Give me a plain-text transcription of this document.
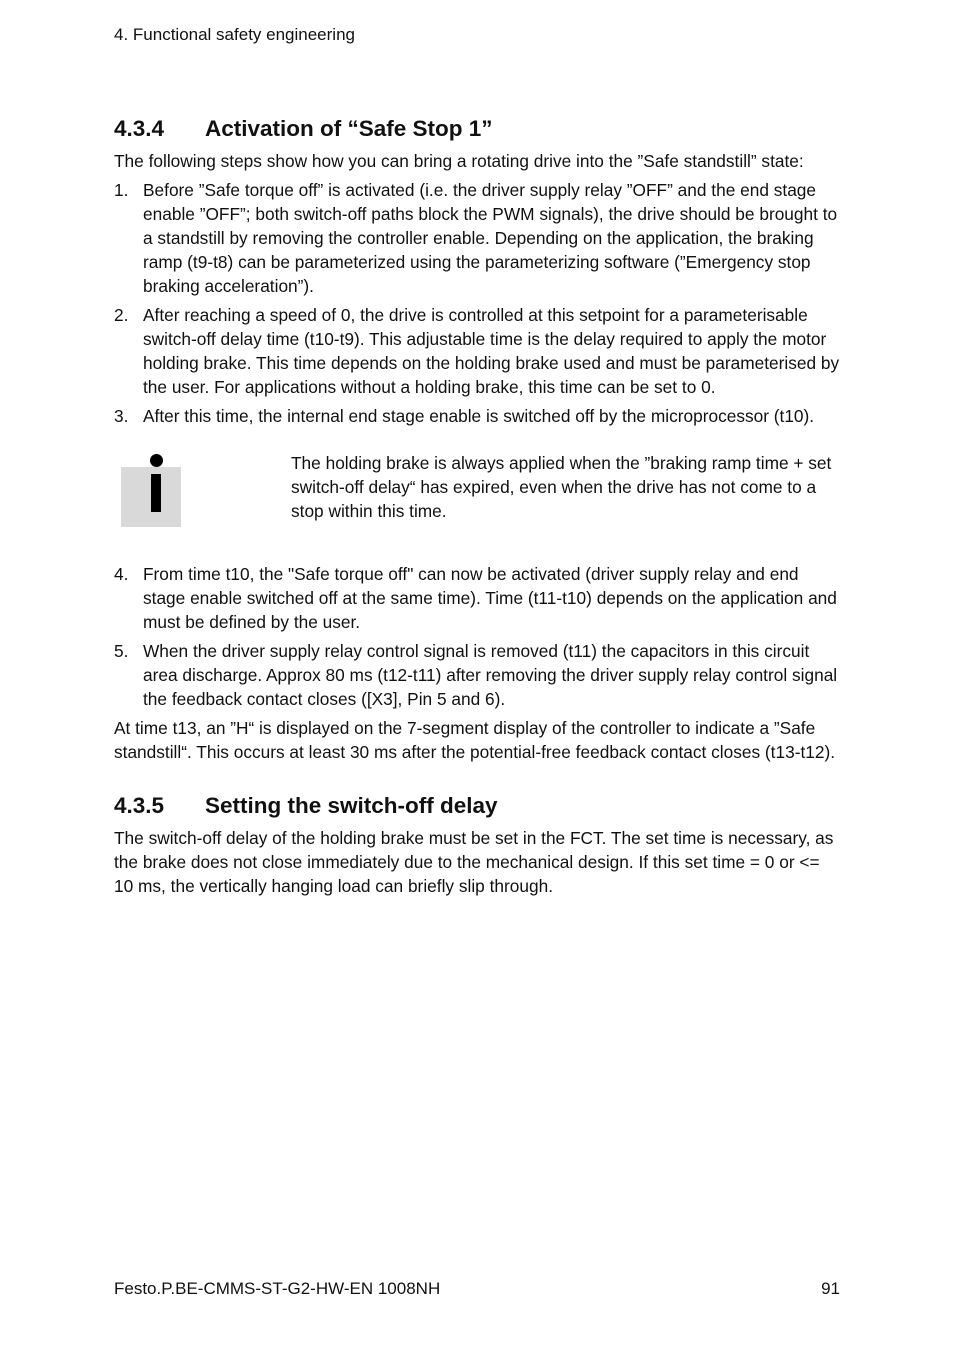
4. Functional safety engineering
4.3.4	Activation of “Safe Stop 1”

The following steps show how you can bring a rotating drive into the ”Safe standstill” state:

1. Before ”Safe torque off” is activated (i.e. the driver supply relay ”OFF” and the end stage enable ”OFF”; both switch-off paths block the PWM signals), the drive should be brought to a standstill by removing the controller enable. Depending on the application, the braking ramp (t9-t8) can be parameterized using the parameterizing software (”Emergency stop braking acceleration”).
2. After reaching a speed of 0, the drive is controlled at this setpoint for a parameterisable switch-off delay time (t10-t9). This adjustable time is the delay required to apply the motor holding brake. This time depends on the holding brake used and must be parameterised by the user. For applications without a holding brake, this time can be set to 0.
3. After this time, the internal end stage enable is switched off by the microprocessor (t10).
The holding brake is always applied when the ”braking ramp time + set switch-off delay“ has expired, even when the drive has not come to a stop within this time.
4. From time t10, the "Safe torque off" can now be activated (driver supply relay and end stage enable switched off at the same time). Time (t11-t10) depends on the application and must be defined by the user.
5. When the driver supply relay control signal is removed (t11) the capacitors in this circuit area discharge. Approx 80 ms (t12-t11) after removing the driver supply relay control signal the feedback contact closes ([X3], Pin 5 and 6).

At time t13, an ”H“ is displayed on the 7-segment display of the controller to indicate a ”Safe standstill“. This occurs at least 30 ms after the potential-free feedback contact closes (t13-t12).

4.3.5	Setting the switch-off delay

The switch-off delay of the holding brake must be set in the FCT. The set time is necessary, as the brake does not close immediately due to the mechanical design. If this set time = 0 or <= 10 ms, the vertically hanging load can briefly slip through.

Festo.P.BE-CMMS-ST-G2-HW-EN 1008NH	91
